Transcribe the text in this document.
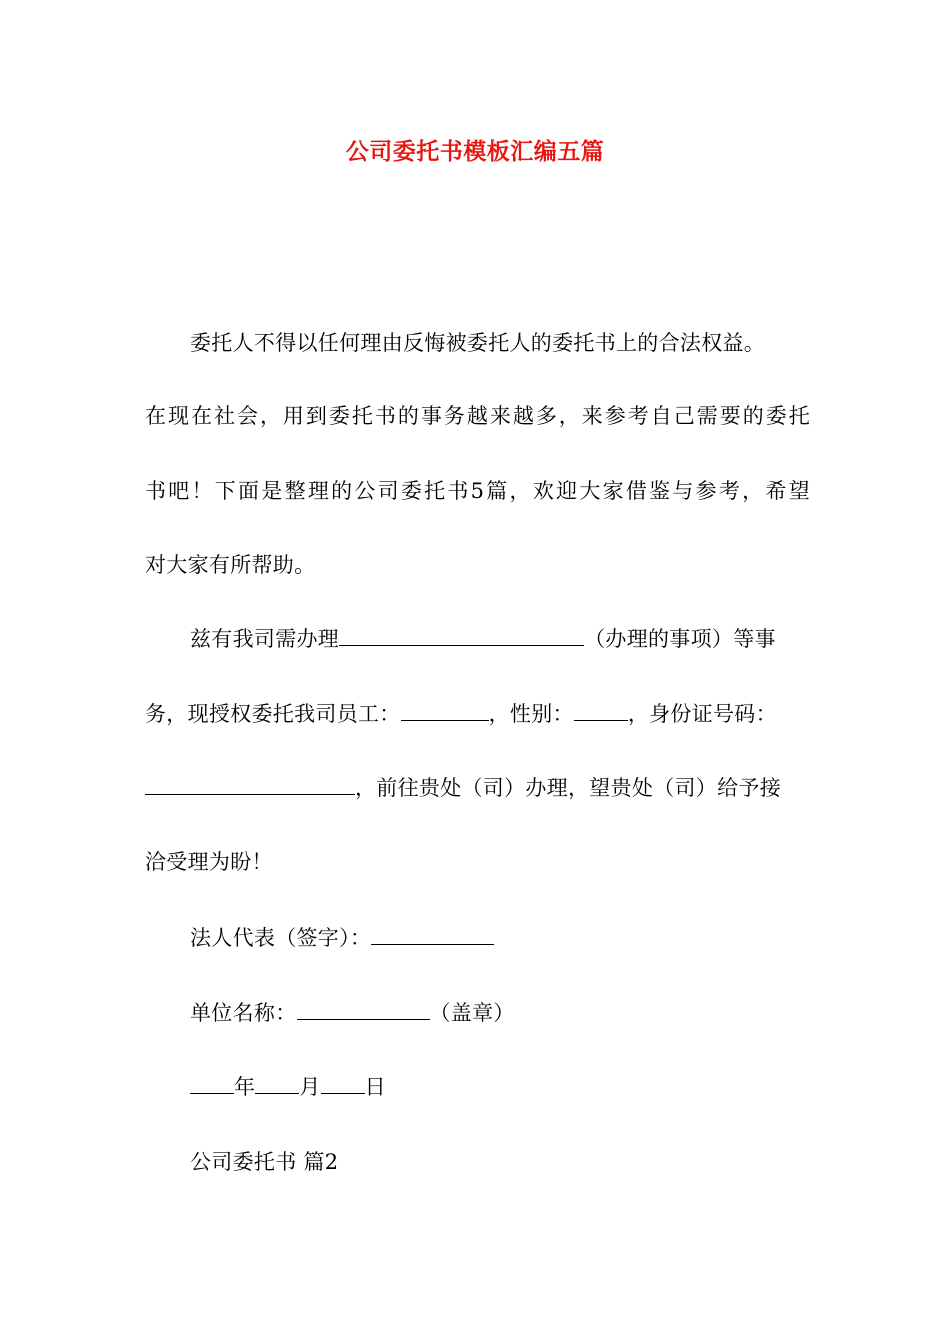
公司委托书模板汇编五篇
委托人不得以任何理由反悔被委托人的委托书上的合法权益。
在现在社会，用到委托书的事务越来越多，来参考自己需要的委托
书吧！下面是整理的公司委托书5篇，欢迎大家借鉴与参考，希望
对大家有所帮助。
兹有我司需办理	（办理的事项）等事
务，现授权委托我司员工：	，性别：	，身份证号码：
，前往贵处（司）办理，望贵处（司）给予接
洽受理为盼！
法人代表（签字）：
单位名称：	（盖章）
年 月 日
公司委托书 篇2
